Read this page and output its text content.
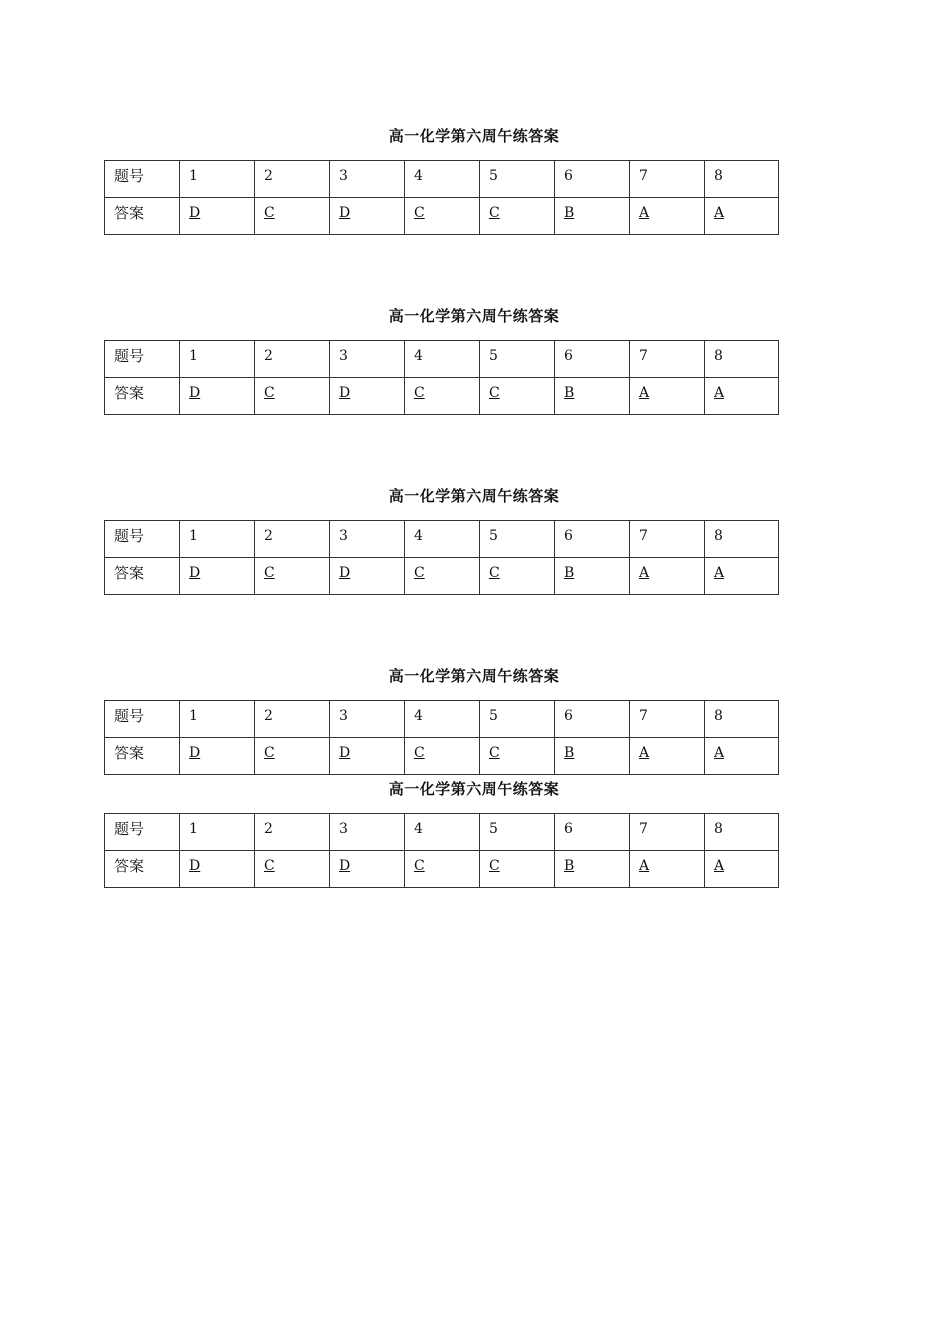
高一化学第六周午练答案
题号	1	2	3	4	5	6	7	8
答案	D	C	D	C	C	B	A	A
高一化学第六周午练答案
题号	1	2	3	4	5	6	7	8
答案	D	C	D	C	C	B	A	A
高一化学第六周午练答案
题号	1	2	3	4	5	6	7	8
答案	D	C	D	C	C	B	A	A
高一化学第六周午练答案
题号	1	2	3	4	5	6	7	8
答案	D	C	D	C	C	B	A	A
高一化学第六周午练答案
题号	1	2	3	4	5	6	7	8
答案	D	C	D	C	C	B	A	A
